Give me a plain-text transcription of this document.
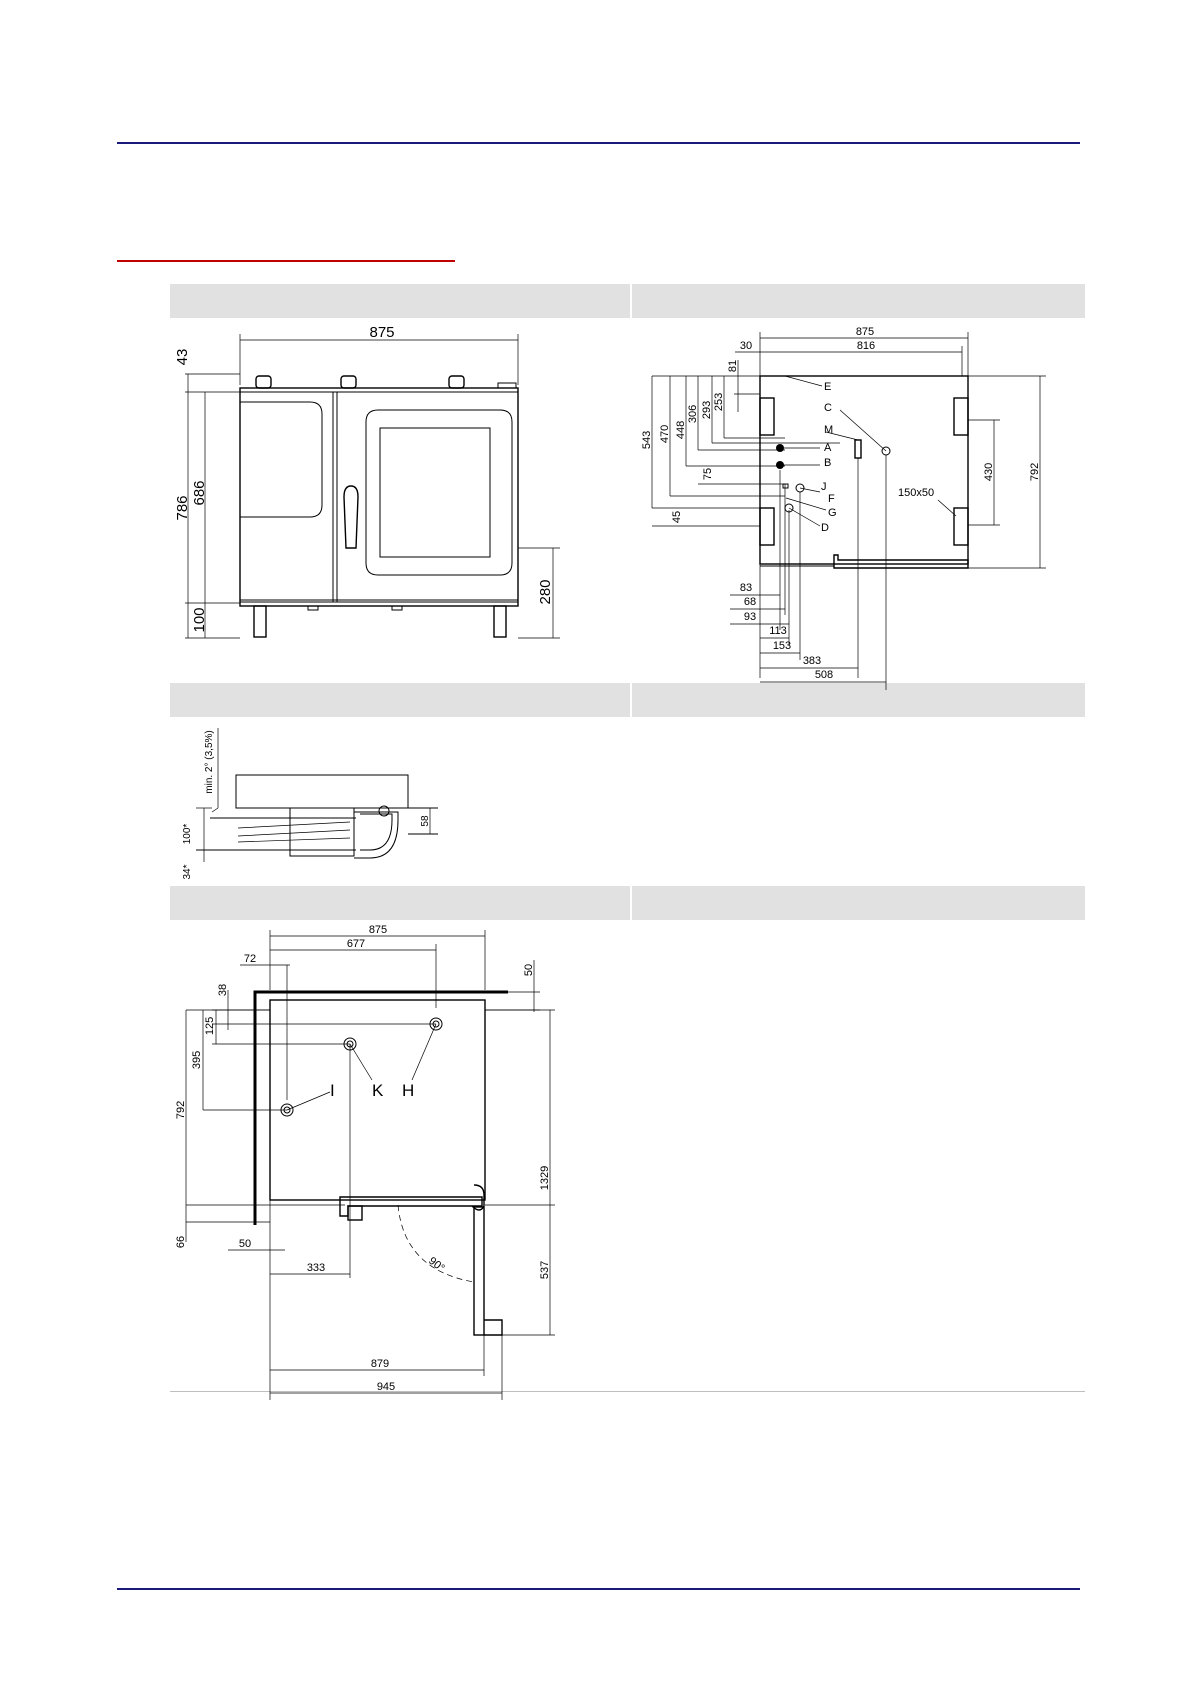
875
43
786
686
100
280
875
816
30
81
430	792
150x50
543 470 448
306 293 253
75
45
E
C
M
A
B
J
F
G
D
83
68
93
113
153
383
508
min. 2° (3,5%)
58
100*
34*
875
677
72
50
38
125
395
792
66
I K H
90°
50
333
879
945
1329
537
